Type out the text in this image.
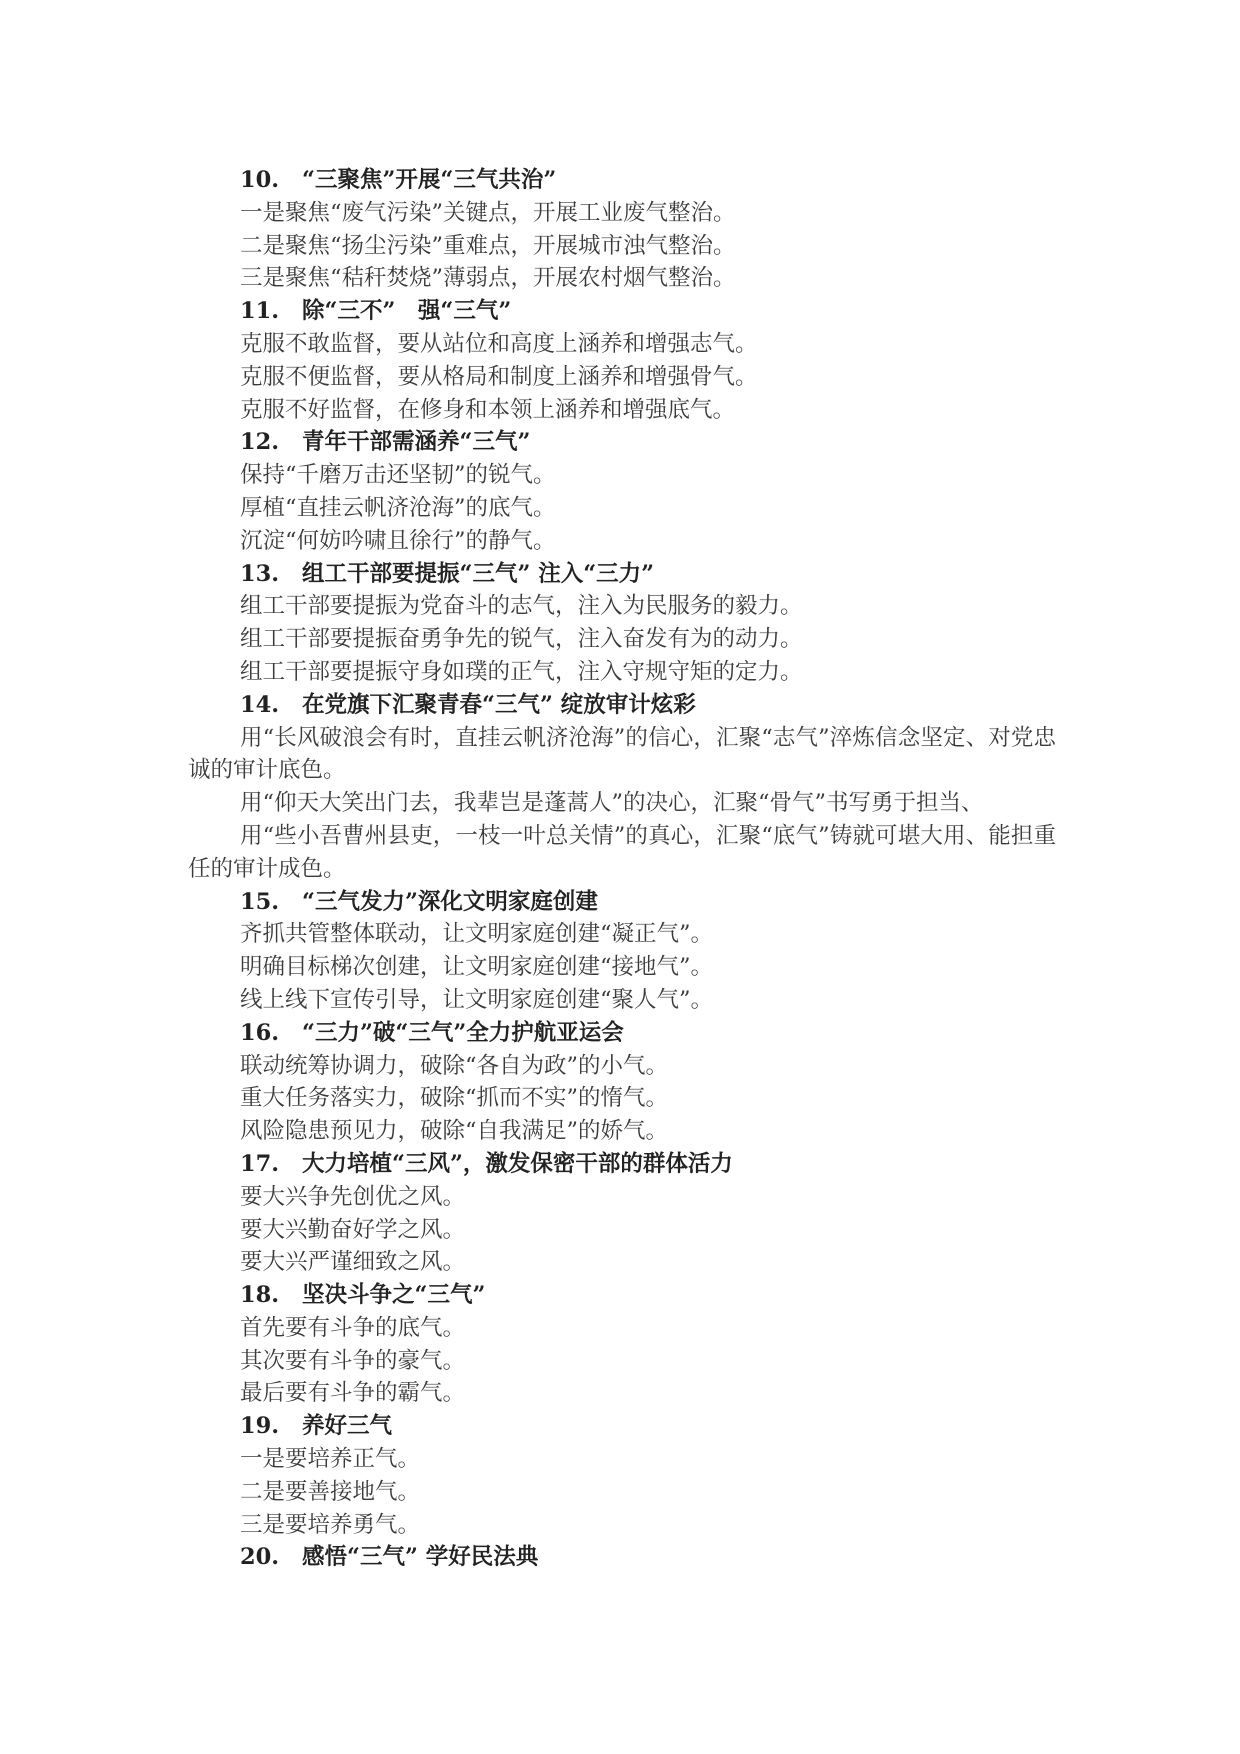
10. “三聚焦”开展“三气共治”

一是聚焦“废气污染”关键点，开展工业废气整治。

二是聚焦“扬尘污染”重难点，开展城市浊气整治。

三是聚焦“秸秆焚烧”薄弱点，开展农村烟气整治。

11. 除“三不”　强“三气”

克服不敢监督，要从站位和高度上涵养和增强志气。

克服不便监督，要从格局和制度上涵养和增强骨气。

克服不好监督，在修身和本领上涵养和增强底气。

12. 青年干部需涵养“三气”

保持“千磨万击还坚韧”的锐气。

厚植“直挂云帆济沧海”的底气。

沉淀“何妨吟啸且徐行”的静气。

13. 组工干部要提振“三气” 注入“三力”

组工干部要提振为党奋斗的志气，注入为民服务的毅力。

组工干部要提振奋勇争先的锐气，注入奋发有为的动力。

组工干部要提振守身如璞的正气，注入守规守矩的定力。

14. 在党旗下汇聚青春“三气” 绽放审计炫彩

用“长风破浪会有时，直挂云帆济沧海”的信心，汇聚“志气”淬炼信念坚定、对党忠诚的审计底色。

用“仰天大笑出门去，我辈岂是蓬蒿人”的决心，汇聚“骨气”书写勇于担当、

用“些小吾曹州县吏，一枝一叶总关情”的真心，汇聚“底气”铸就可堪大用、能担重任的审计成色。

15. “三气发力”深化文明家庭创建

齐抓共管整体联动，让文明家庭创建“凝正气”。

明确目标梯次创建，让文明家庭创建“接地气”。

线上线下宣传引导，让文明家庭创建“聚人气”。

16. “三力”破“三气”全力护航亚运会

联动统筹协调力，破除“各自为政”的小气。

重大任务落实力，破除“抓而不实”的惰气。

风险隐患预见力，破除“自我满足”的娇气。

17. 大力培植“三风”，激发保密干部的群体活力

要大兴争先创优之风。

要大兴勤奋好学之风。

要大兴严谨细致之风。

18. 坚决斗争之“三气”

首先要有斗争的底气。

其次要有斗争的豪气。

最后要有斗争的霸气。

19. 养好三气

一是要培养正气。

二是要善接地气。

三是要培养勇气。

20. 感悟“三气” 学好民法典
